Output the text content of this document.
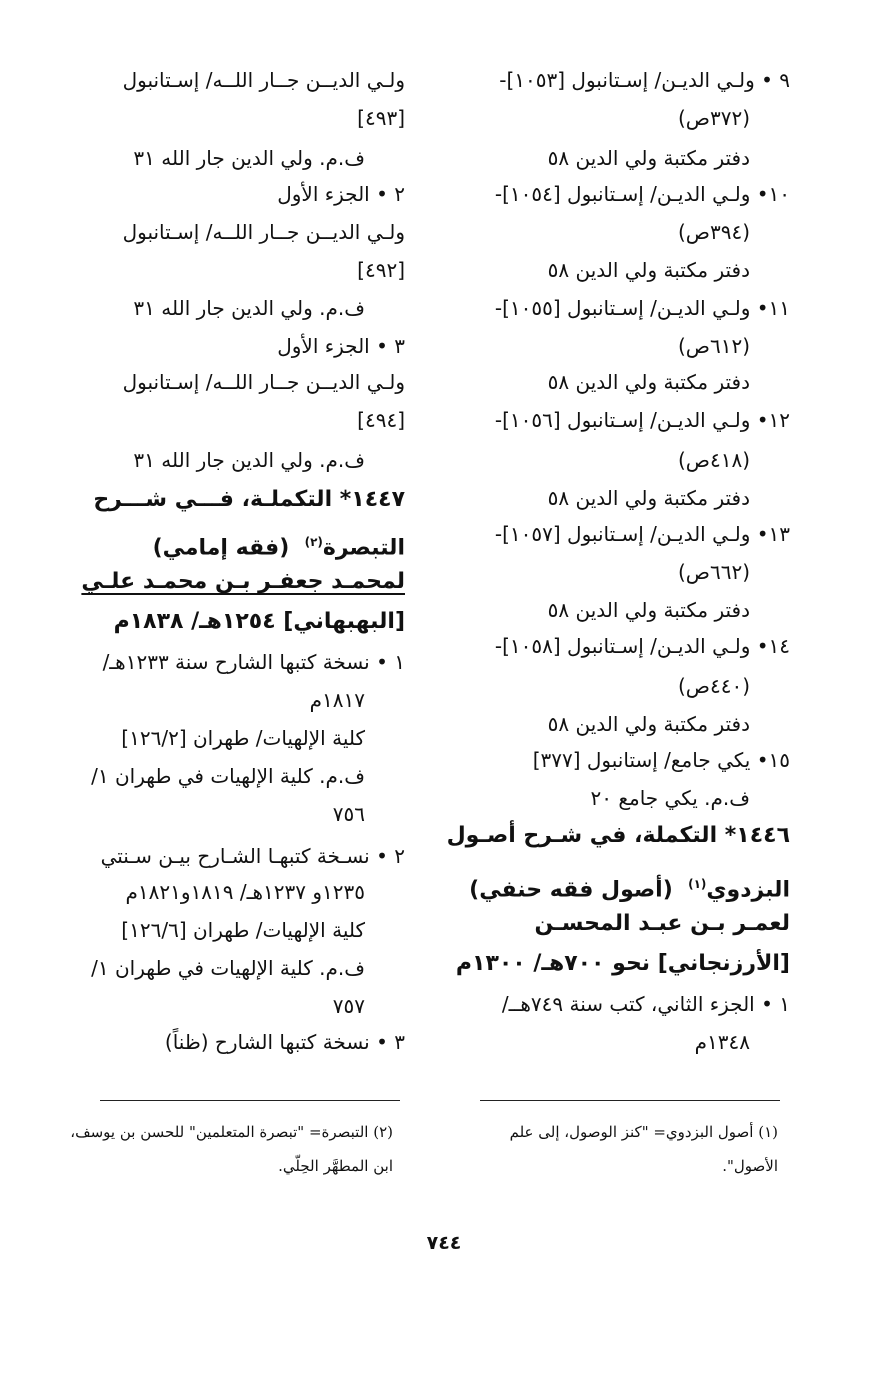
٩ • ولـي الديـن/ إسـتانبول [١٠٥٣]-
(٣٧٢ص)
دفتر مكتبة ولي الدين ٥٨
١٠• ولـي الديـن/ إسـتانبول [١٠٥٤]-
(٣٩٤ص)
دفتر مكتبة ولي الدين ٥٨
١١• ولـي الديـن/ إسـتانبول [١٠٥٥]-
(٦١٢ص)
دفتر مكتبة ولي الدين ٥٨
١٢• ولـي الديـن/ إسـتانبول [١٠٥٦]-
(٤١٨ص)
دفتر مكتبة ولي الدين ٥٨
١٣• ولـي الديـن/ إسـتانبول [١٠٥٧]-
(٦٦٢ص)
دفتر مكتبة ولي الدين ٥٨
١٤• ولـي الديـن/ إسـتانبول [١٠٥٨]-
(٤٤٠ص)
دفتر مكتبة ولي الدين ٥٨
١٥• يكي جامع/ إستانبول [٣٧٧]
ف.م. يكي جامع ٢٠
١٤٤٦* التكملة، في شـرح أصـول
البزدوي$^{(١)}$  (أصول فقه حنفي)
لعمـر بـن عبـد المحسـن
[الأرزنجاني] نحو ٧٠٠هـ/ ١٣٠٠م
١ • الجزء الثاني، كتب سنة ٧٤٩هــ/
١٣٤٨م
ولـي الديــن جــار اللــه/ إسـتانبول
[٤٩٣]
ف.م. ولي الدين جار الله ٣١
٢ • الجزء الأول
ولـي الديــن جــار اللــه/ إسـتانبول
[٤٩٢]
ف.م. ولي الدين جار الله ٣١
٣ • الجزء الأول
ولـي الديــن جــار اللــه/ إسـتانبول
[٤٩٤]
ف.م. ولي الدين جار الله ٣١
١٤٤٧* التكملـة، فـــي شـــرح
التبصرة$^{(٢)}$  (فقه إمامي)
لمحمـد جعفـر بـن محمـد علـي
[البهبهاني] ١٢٥٤هـ/ ١٨٣٨م
١ • نسخة كتبها الشارح سنة ١٢٣٣هـ/
١٨١٧م
كلية الإلهيات/ طهران [١٢٦/٢]
ف.م. كلية الإلهيات في طهران ١/
٧٥٦
٢ • نسـخة كتبهـا الشـارح بيـن سـنتي
١٢٣٥و ١٢٣٧هـ/ ١٨١٩و١٨٢١م
كلية الإلهيات/ طهران [١٢٦/٦]
ف.م. كلية الإلهيات في طهران ١/
٧٥٧
٣ • نسخة كتبها الشارح (ظناً)
(١) أصول البزدوي= "كنز الوصول، إلى علم
الأصول".
(٢) التبصرة= "تبصرة المتعلمين" للحسن بن يوسف،
ابن المطهَّر الحِلّي.
٧٤٤
